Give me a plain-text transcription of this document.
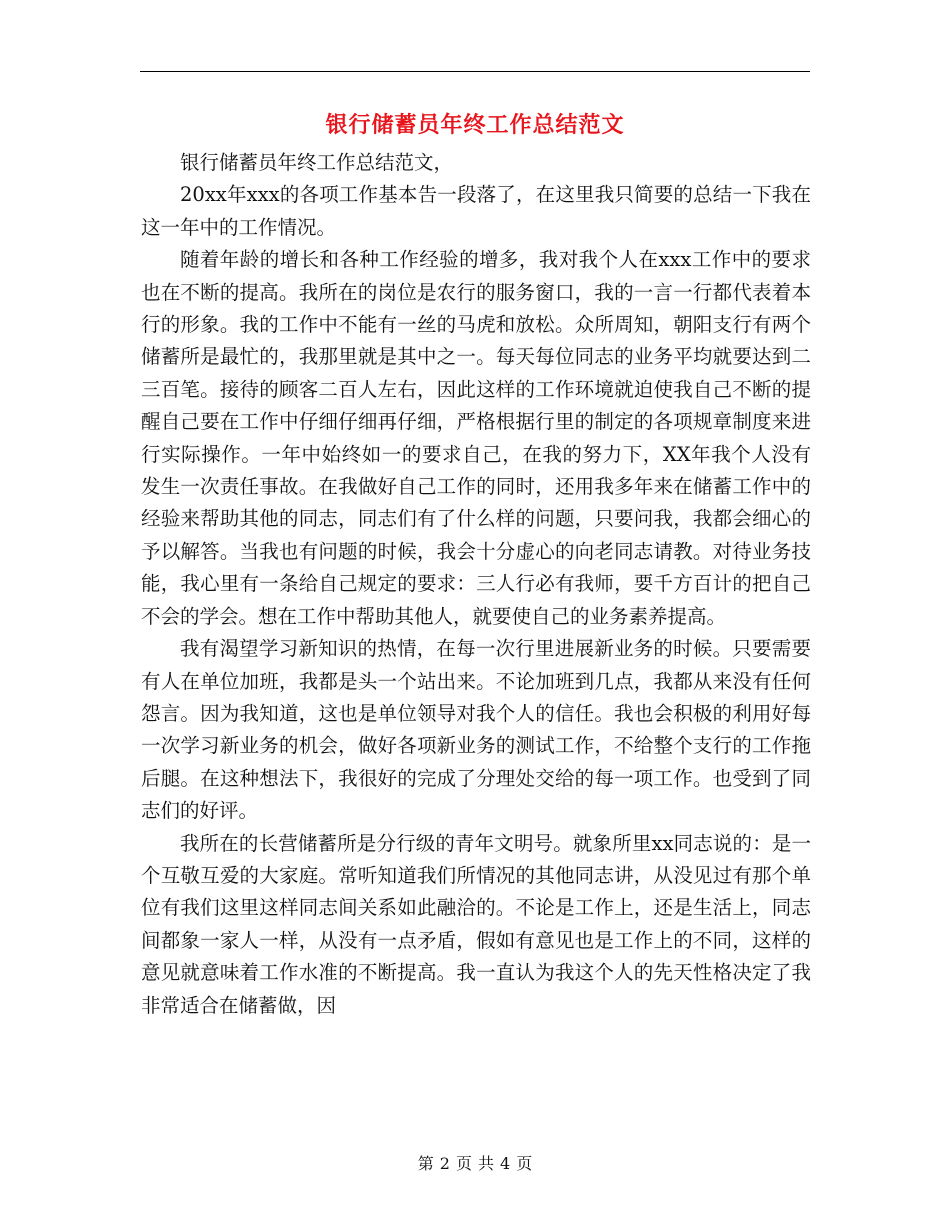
银行储蓄员年终工作总结范文

银行储蓄员年终工作总结范文，

20xx年xxx的各项工作基本告一段落了，在这里我只简要的总结一下我在这一年中的工作情况。

随着年龄的增长和各种工作经验的增多，我对我个人在xxx工作中的要求也在不断的提高。我所在的岗位是农行的服务窗口，我的一言一行都代表着本行的形象。我的工作中不能有一丝的马虎和放松。众所周知，朝阳支行有两个储蓄所是最忙的，我那里就是其中之一。每天每位同志的业务平均就要达到二三百笔。接待的顾客二百人左右，因此这样的工作环境就迫使我自己不断的提醒自己要在工作中仔细仔细再仔细，严格根据行里的制定的各项规章制度来进行实际操作。一年中始终如一的要求自己，在我的努力下，XX年我个人没有发生一次责任事故。在我做好自己工作的同时，还用我多年来在储蓄工作中的经验来帮助其他的同志，同志们有了什么样的问题，只要问我，我都会细心的予以解答。当我也有问题的时候，我会十分虚心的向老同志请教。对待业务技能，我心里有一条给自己规定的要求：三人行必有我师，要千方百计的把自己不会的学会。想在工作中帮助其他人，就要使自己的业务素养提高。

我有渴望学习新知识的热情，在每一次行里进展新业务的时候。只要需要有人在单位加班，我都是头一个站出来。不论加班到几点，我都从来没有任何怨言。因为我知道，这也是单位领导对我个人的信任。我也会积极的利用好每一次学习新业务的机会，做好各项新业务的测试工作，不给整个支行的工作拖后腿。在这种想法下，我很好的完成了分理处交给的每一项工作。也受到了同志们的好评。

我所在的长营储蓄所是分行级的青年文明号。就象所里xx同志说的：是一个互敬互爱的大家庭。常听知道我们所情况的其他同志讲，从没见过有那个单位有我们这里这样同志间关系如此融洽的。不论是工作上，还是生活上，同志间都象一家人一样，从没有一点矛盾，假如有意见也是工作上的不同，这样的意见就意味着工作水准的不断提高。我一直认为我这个人的先天性格决定了我非常适合在储蓄做，因

第 2 页 共 4 页
